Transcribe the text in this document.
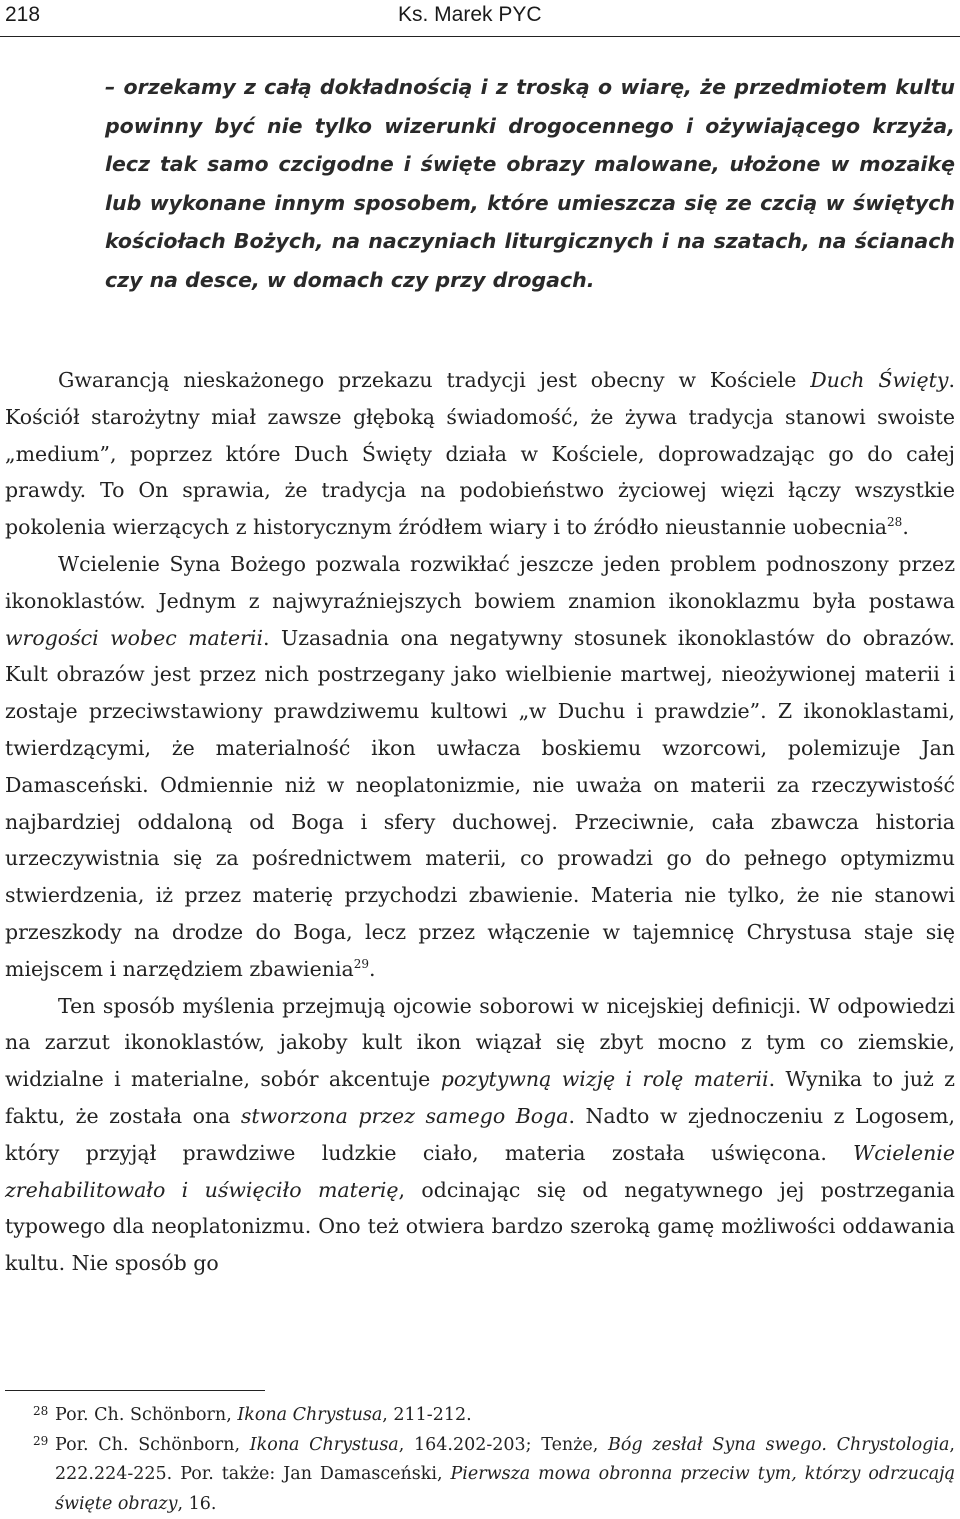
218	Ks. Marek PYC
– orzekamy z całą dokładnością i z troską o wiarę, że przedmiotem kultu powinny być nie tylko wizerunki drogocennego i ożywiającego krzyża, lecz tak samo czcigodne i święte obrazy malowane, ułożone w mozaikę lub wykonane innym sposobem, które umieszcza się ze czcią w świętych kościołach Bożych, na naczyniach liturgicznych i na szatach, na ścianach czy na desce, w domach czy przy drogach.

Gwarancją nieskażonego przekazu tradycji jest obecny w Kościele Duch Święty. Kościół starożytny miał zawsze głęboką świadomość, że żywa tradycja stanowi swoiste „medium”, poprzez które Duch Święty działa w Kościele, doprowadzając go do całej prawdy. To On sprawia, że tradycja na podobieństwo życiowej więzi łączy wszystkie pokolenia wierzących z historycznym źródłem wiary i to źródło nieustannie uobecnia$^{28}$.

Wcielenie Syna Bożego pozwala rozwikłać jeszcze jeden problem podnoszony przez ikonoklastów. Jednym z najwyraźniejszych bowiem znamion ikonoklazmu była postawa wrogości wobec materii. Uzasadnia ona negatywny stosunek ikonoklastów do obrazów. Kult obrazów jest przez nich postrzegany jako wielbienie martwej, nieożywionej materii i zostaje przeciwstawiony prawdziwemu kultowi „w Duchu i prawdzie”. Z ikonoklastami, twierdzącymi, że materialność ikon uwłacza boskiemu wzorcowi, polemizuje Jan Damasceński. Odmiennie niż w neoplatonizmie, nie uważa on materii za rzeczywistość najbardziej oddaloną od Boga i sfery duchowej. Przeciwnie, cała zbawcza historia urzeczywistnia się za pośrednictwem materii, co prowadzi go do pełnego optymizmu stwierdzenia, iż przez materię przychodzi zbawienie. Materia nie tylko, że nie stanowi przeszkody na drodze do Boga, lecz przez włączenie w tajemnicę Chrystusa staje się miejscem i narzędziem zbawienia$^{29}$.

Ten sposób myślenia przejmują ojcowie soborowi w nicejskiej definicji. W odpowiedzi na zarzut ikonoklastów, jakoby kult ikon wiązał się zbyt mocno z tym co ziemskie, widzialne i materialne, sobór akcentuje pozytywną wizję i rolę materii. Wynika to już z faktu, że została ona stworzona przez samego Boga. Nadto w zjednoczeniu z Logosem, który przyjął prawdziwe ludzkie ciało, materia została uświęcona. Wcielenie zrehabilitowało i uświęciło materię, odcinając się od negatywnego jej postrzegania typowego dla neoplatonizmu. Ono też otwiera bardzo szeroką gamę możliwości oddawania kultu. Nie sposób go

28 Por. Ch. Schönborn, Ikona Chrystusa, 211-212.
29 Por. Ch. Schönborn, Ikona Chrystusa, 164.202-203; Tenże, Bóg zesłał Syna swego. Chrystologia, 222.224-225. Por. także: Jan Damasceński, Pierwsza mowa obronna przeciw tym, którzy odrzucają święte obrazy, 16.
